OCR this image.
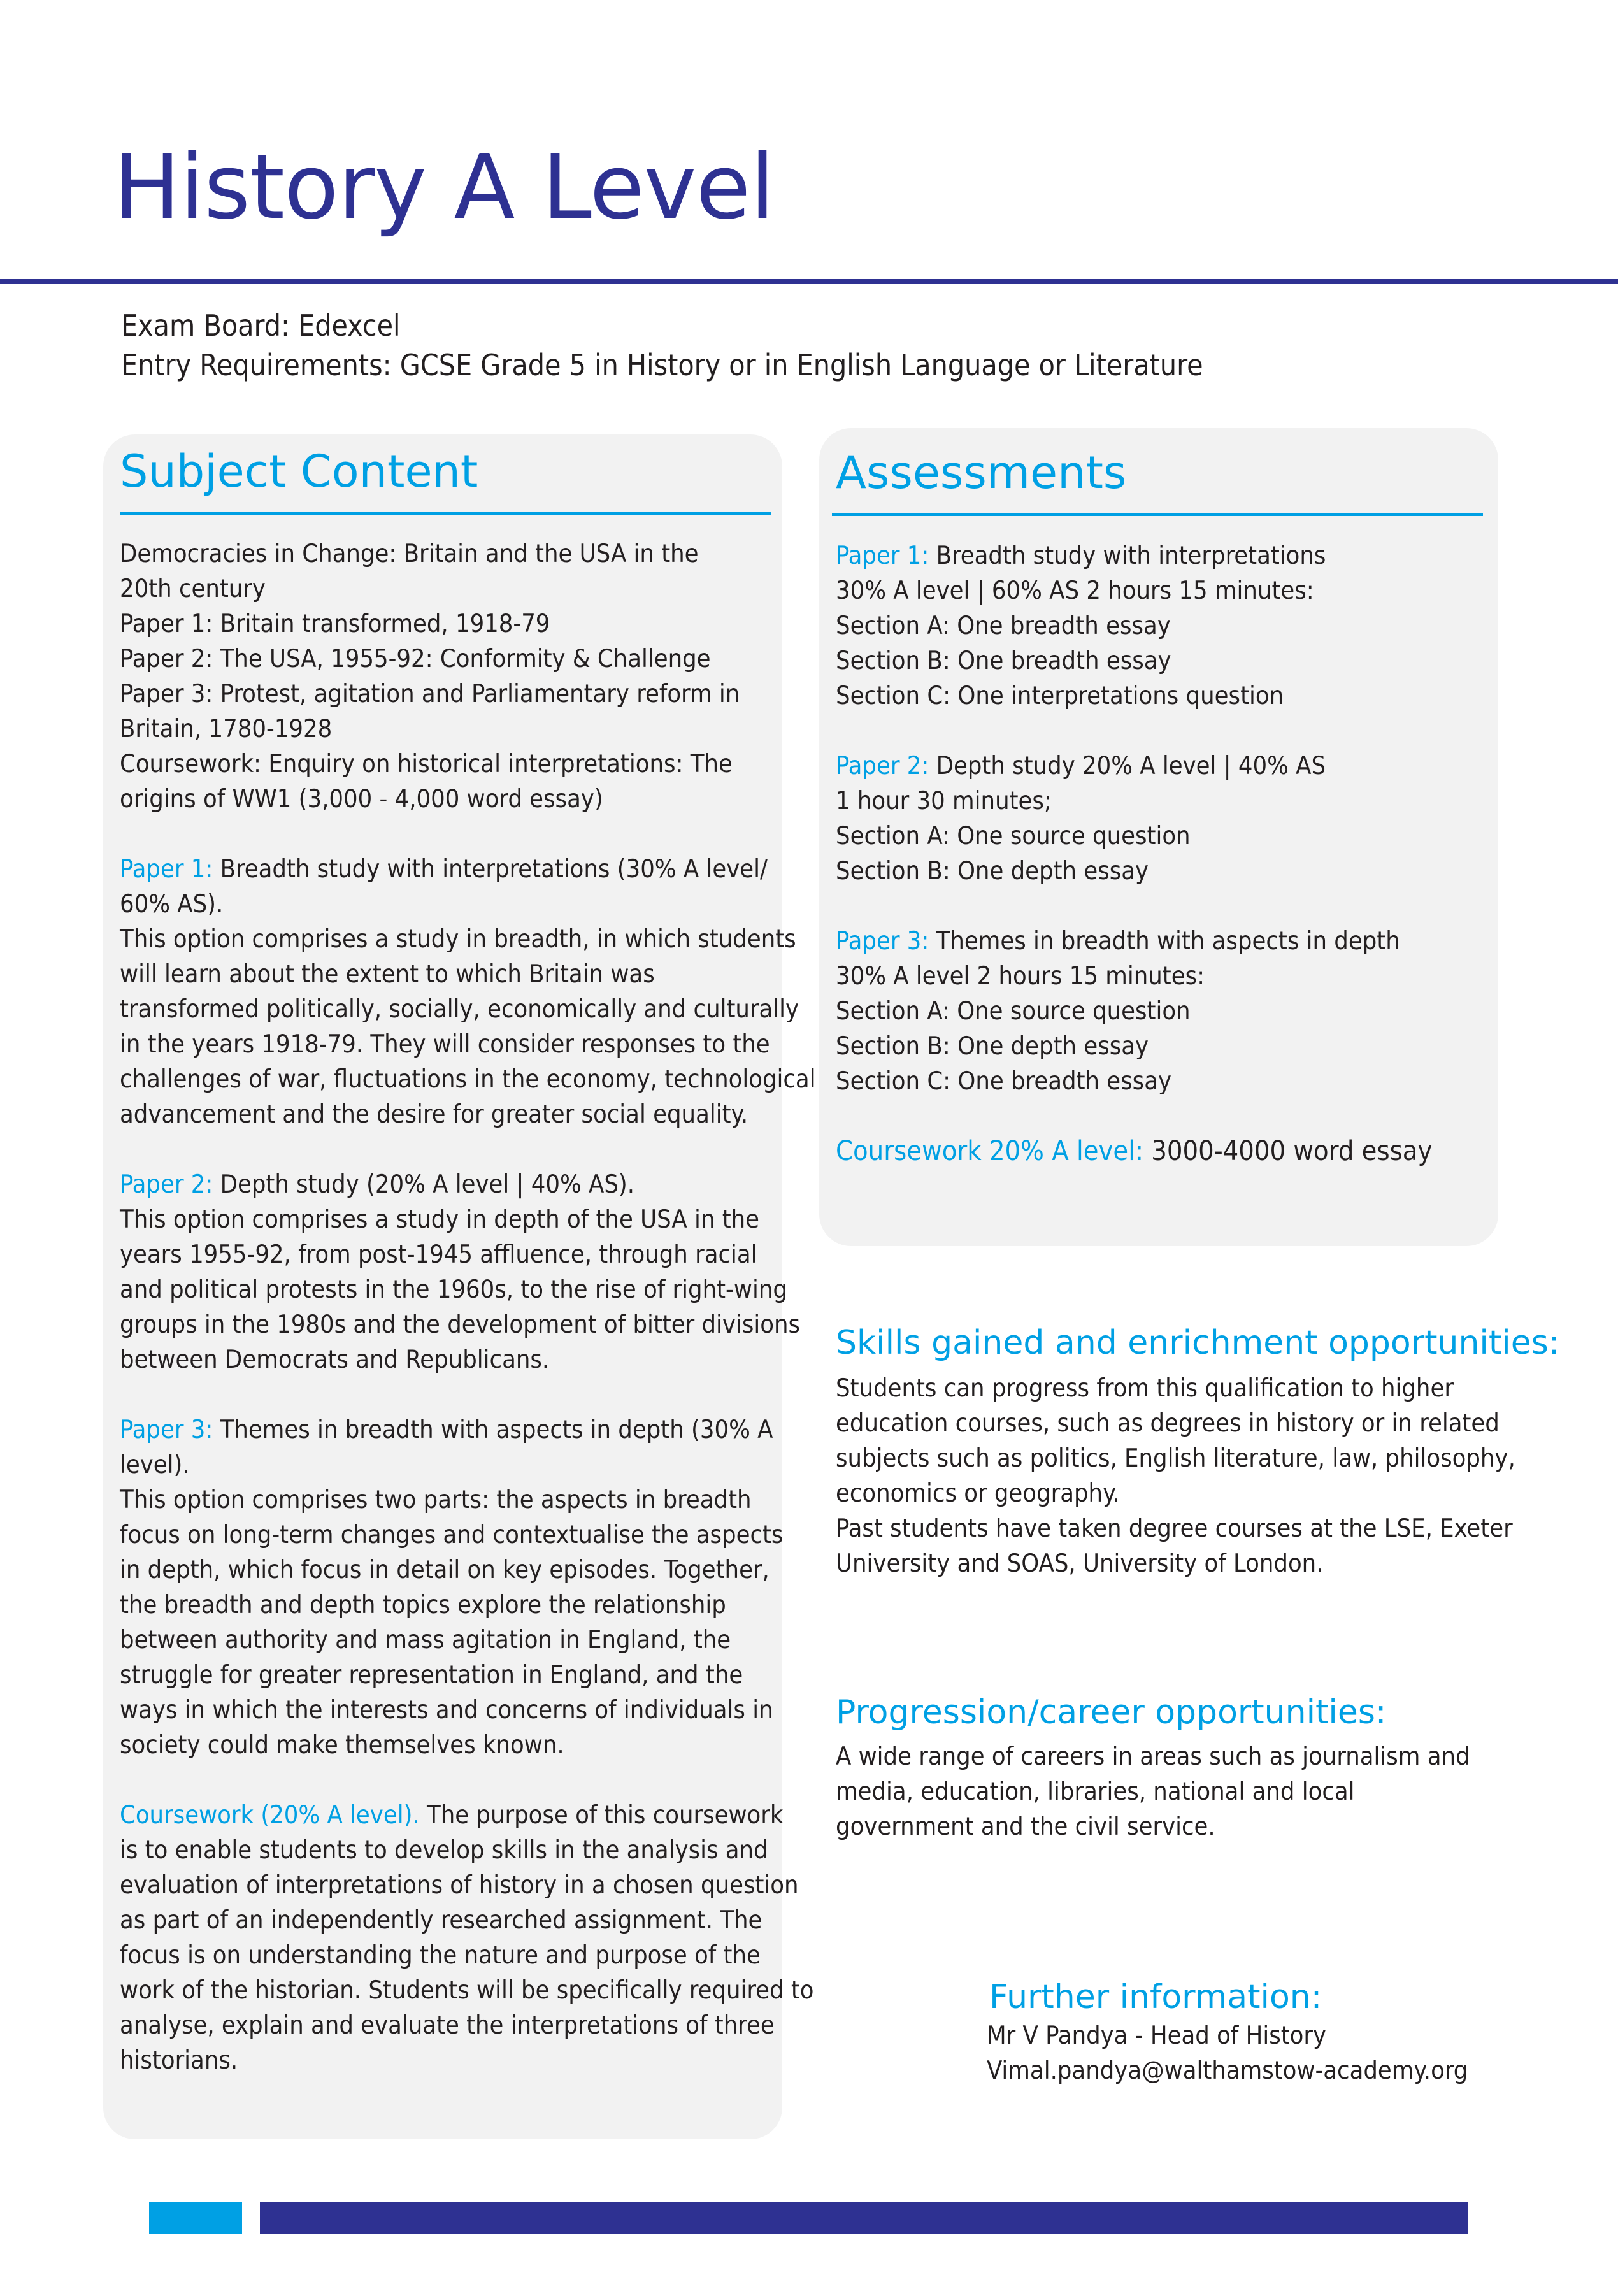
History A Level
Exam Board: Edexcel
Entry Requirements: GCSE Grade 5 in History or in English Language or Literature
Subject Content
Democracies in Change: Britain and the USA in the
20th century
Paper 1: Britain transformed, 1918-79
Paper 2: The USA, 1955-92: Conformity & Challenge
Paper 3: Protest, agitation and Parliamentary reform in
Britain, 1780-1928
Coursework: Enquiry on historical interpretations: The
origins of WW1 (3,000 - 4,000 word essay)
Paper 1: Breadth study with interpretations (30% A level/
60% AS).
This option comprises a study in breadth, in which students
will learn about the extent to which Britain was
transformed politically, socially, economically and culturally
in the years 1918-79. They will consider responses to the
challenges of war, fluctuations in the economy, technological
advancement and the desire for greater social equality.
Paper 2: Depth study (20% A level | 40% AS).
This option comprises a study in depth of the USA in the
years 1955-92, from post-1945 affluence, through racial
and political protests in the 1960s, to the rise of right-wing
groups in the 1980s and the development of bitter divisions
between Democrats and Republicans.
Paper 3: Themes in breadth with aspects in depth (30% A
level).
This option comprises two parts: the aspects in breadth
focus on long-term changes and contextualise the aspects
in depth, which focus in detail on key episodes. Together,
the breadth and depth topics explore the relationship
between authority and mass agitation in England, the
struggle for greater representation in England, and the
ways in which the interests and concerns of individuals in
society could make themselves known.
Coursework (20% A level). The purpose of this coursework
is to enable students to develop skills in the analysis and
evaluation of interpretations of history in a chosen question
as part of an independently researched assignment. The
focus is on understanding the nature and purpose of the
work of the historian. Students will be specifically required to
analyse, explain and evaluate the interpretations of three
historians.
Assessments
Paper 1: Breadth study with interpretations
30% A level | 60% AS 2 hours 15 minutes:
Section A: One breadth essay
Section B: One breadth essay
Section C: One interpretations question
Paper 2: Depth study 20% A level | 40% AS
1 hour 30 minutes;
Section A: One source question
Section B: One depth essay
Paper 3: Themes in breadth with aspects in depth
30% A level 2 hours 15 minutes:
Section A: One source question
Section B: One depth essay
Section C: One breadth essay
Coursework 20% A level: 3000-4000 word essay
Skills gained and enrichment opportunities:
Students can progress from this qualification to higher
education courses, such as degrees in history or in related
subjects such as politics, English literature, law, philosophy,
economics or geography.
Past students have taken degree courses at the LSE, Exeter
University and SOAS, University of London.
Progression/career opportunities:
A wide range of careers in areas such as journalism and
media, education, libraries, national and local
government and the civil service.
Further information:
Mr V Pandya - Head of History
Vimal.pandya@walthamstow-academy.org
